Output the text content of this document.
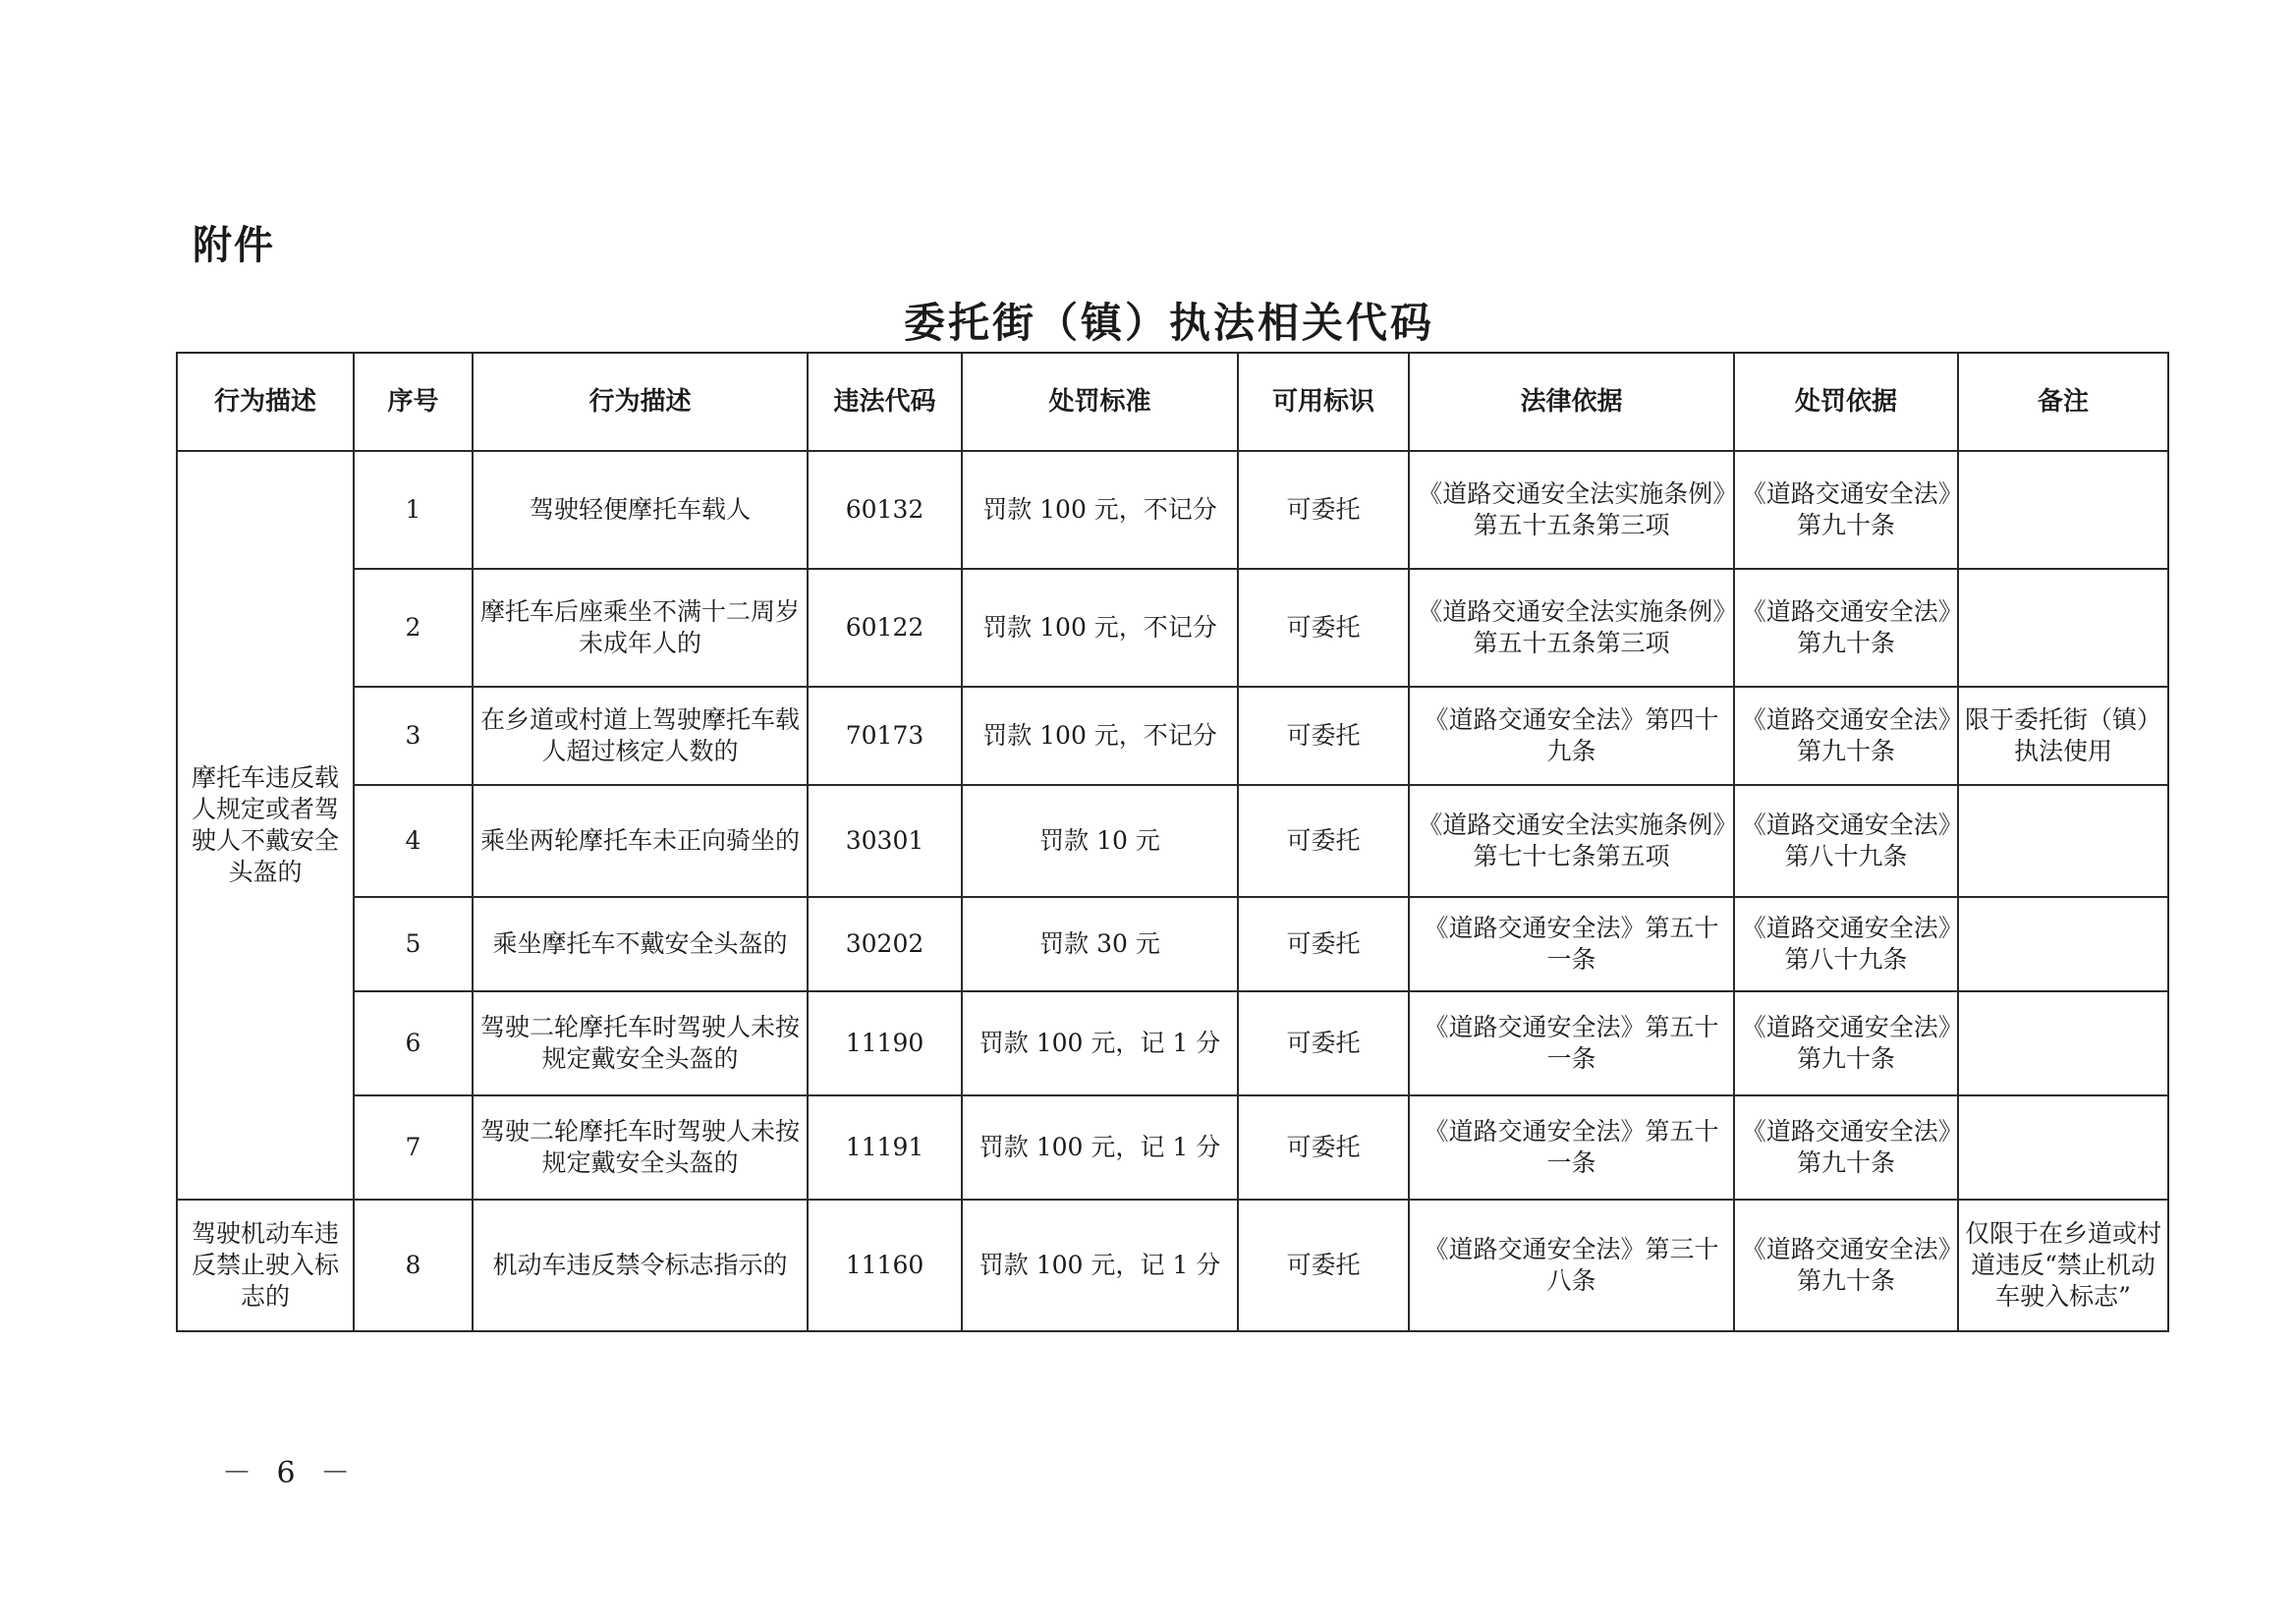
附件
委托街（镇）执法相关代码
行为描述	序号	行为描述	违法代码	处罚标准	可用标识	法律依据	处罚依据	备注
摩托车违反载人规定或者驾驶人不戴安全头盔的	1	驾驶轻便摩托车载人	60132	罚款 100 元，不记分	可委托	《道路交通安全法实施条例》第五十五条第三项	《道路交通安全法》第九十条	
	2	摩托车后座乘坐不满十二周岁未成年人的	60122	罚款 100 元，不记分	可委托	《道路交通安全法实施条例》第五十五条第三项	《道路交通安全法》第九十条	
	3	在乡道或村道上驾驶摩托车载人超过核定人数的	70173	罚款 100 元，不记分	可委托	《道路交通安全法》第四十九条	《道路交通安全法》第九十条	限于委托街（镇）执法使用
	4	乘坐两轮摩托车未正向骑坐的	30301	罚款 10 元	可委托	《道路交通安全法实施条例》第七十七条第五项	《道路交通安全法》第八十九条	
	5	乘坐摩托车不戴安全头盔的	30202	罚款 30 元	可委托	《道路交通安全法》第五十一条	《道路交通安全法》第八十九条	
	6	驾驶二轮摩托车时驾驶人未按规定戴安全头盔的	11190	罚款 100 元，记 1 分	可委托	《道路交通安全法》第五十一条	《道路交通安全法》第九十条	
	7	驾驶二轮摩托车时驾驶人未按规定戴安全头盔的	11191	罚款 100 元，记 1 分	可委托	《道路交通安全法》第五十一条	《道路交通安全法》第九十条	
驾驶机动车违反禁止驶入标志的	8	机动车违反禁令标志指示的	11160	罚款 100 元，记 1 分	可委托	《道路交通安全法》第三十八条	《道路交通安全法》第九十条	仅限于在乡道或村道违反“禁止机动车驶入标志”
－ 6 －
